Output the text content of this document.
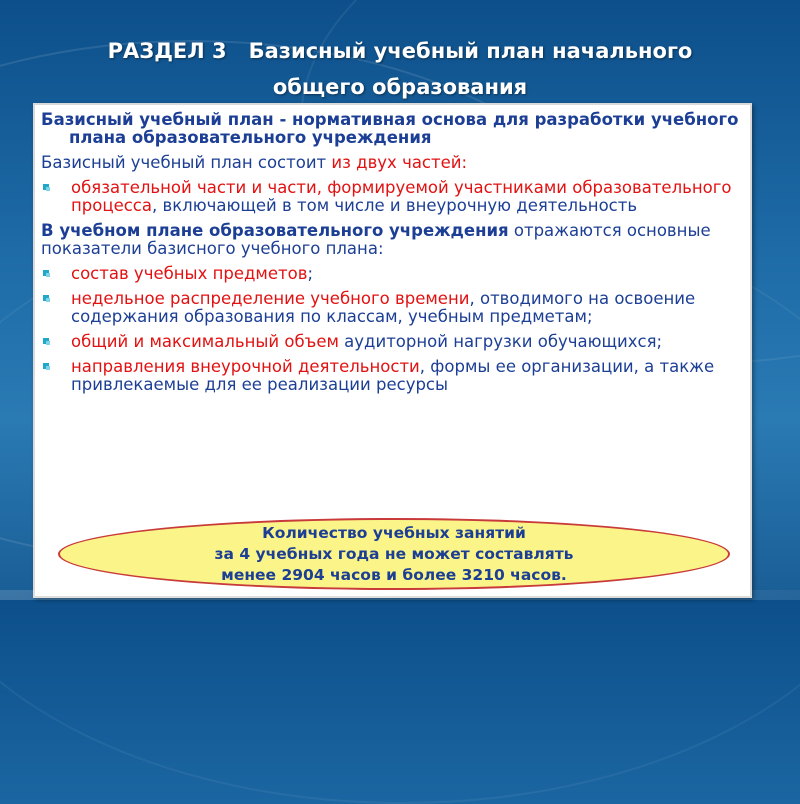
РАЗДЕЛ 3 Базисный учебный план начального
общего образования

Базисный учебный план - нормативная основа для разработки учебного плана образовательного учреждения

Базисный учебный план состоит из двух частей:

обязательной части и части, формируемой участниками образовательного процесса, включающей в том числе и внеурочную деятельность

В учебном плане образовательного учреждения отражаются основные показатели базисного учебного плана:

состав учебных предметов;
недельное распределение учебного времени, отводимого на освоение содержания образования по классам, учебным предметам;
общий и максимальный объем аудиторной нагрузки обучающихся;
направления внеурочной деятельности, формы ее организации, а также привлекаемые для ее реализации ресурсы
Количество учебных занятий
за 4 учебных года не может составлять
менее 2904 часов и более 3210 часов.
